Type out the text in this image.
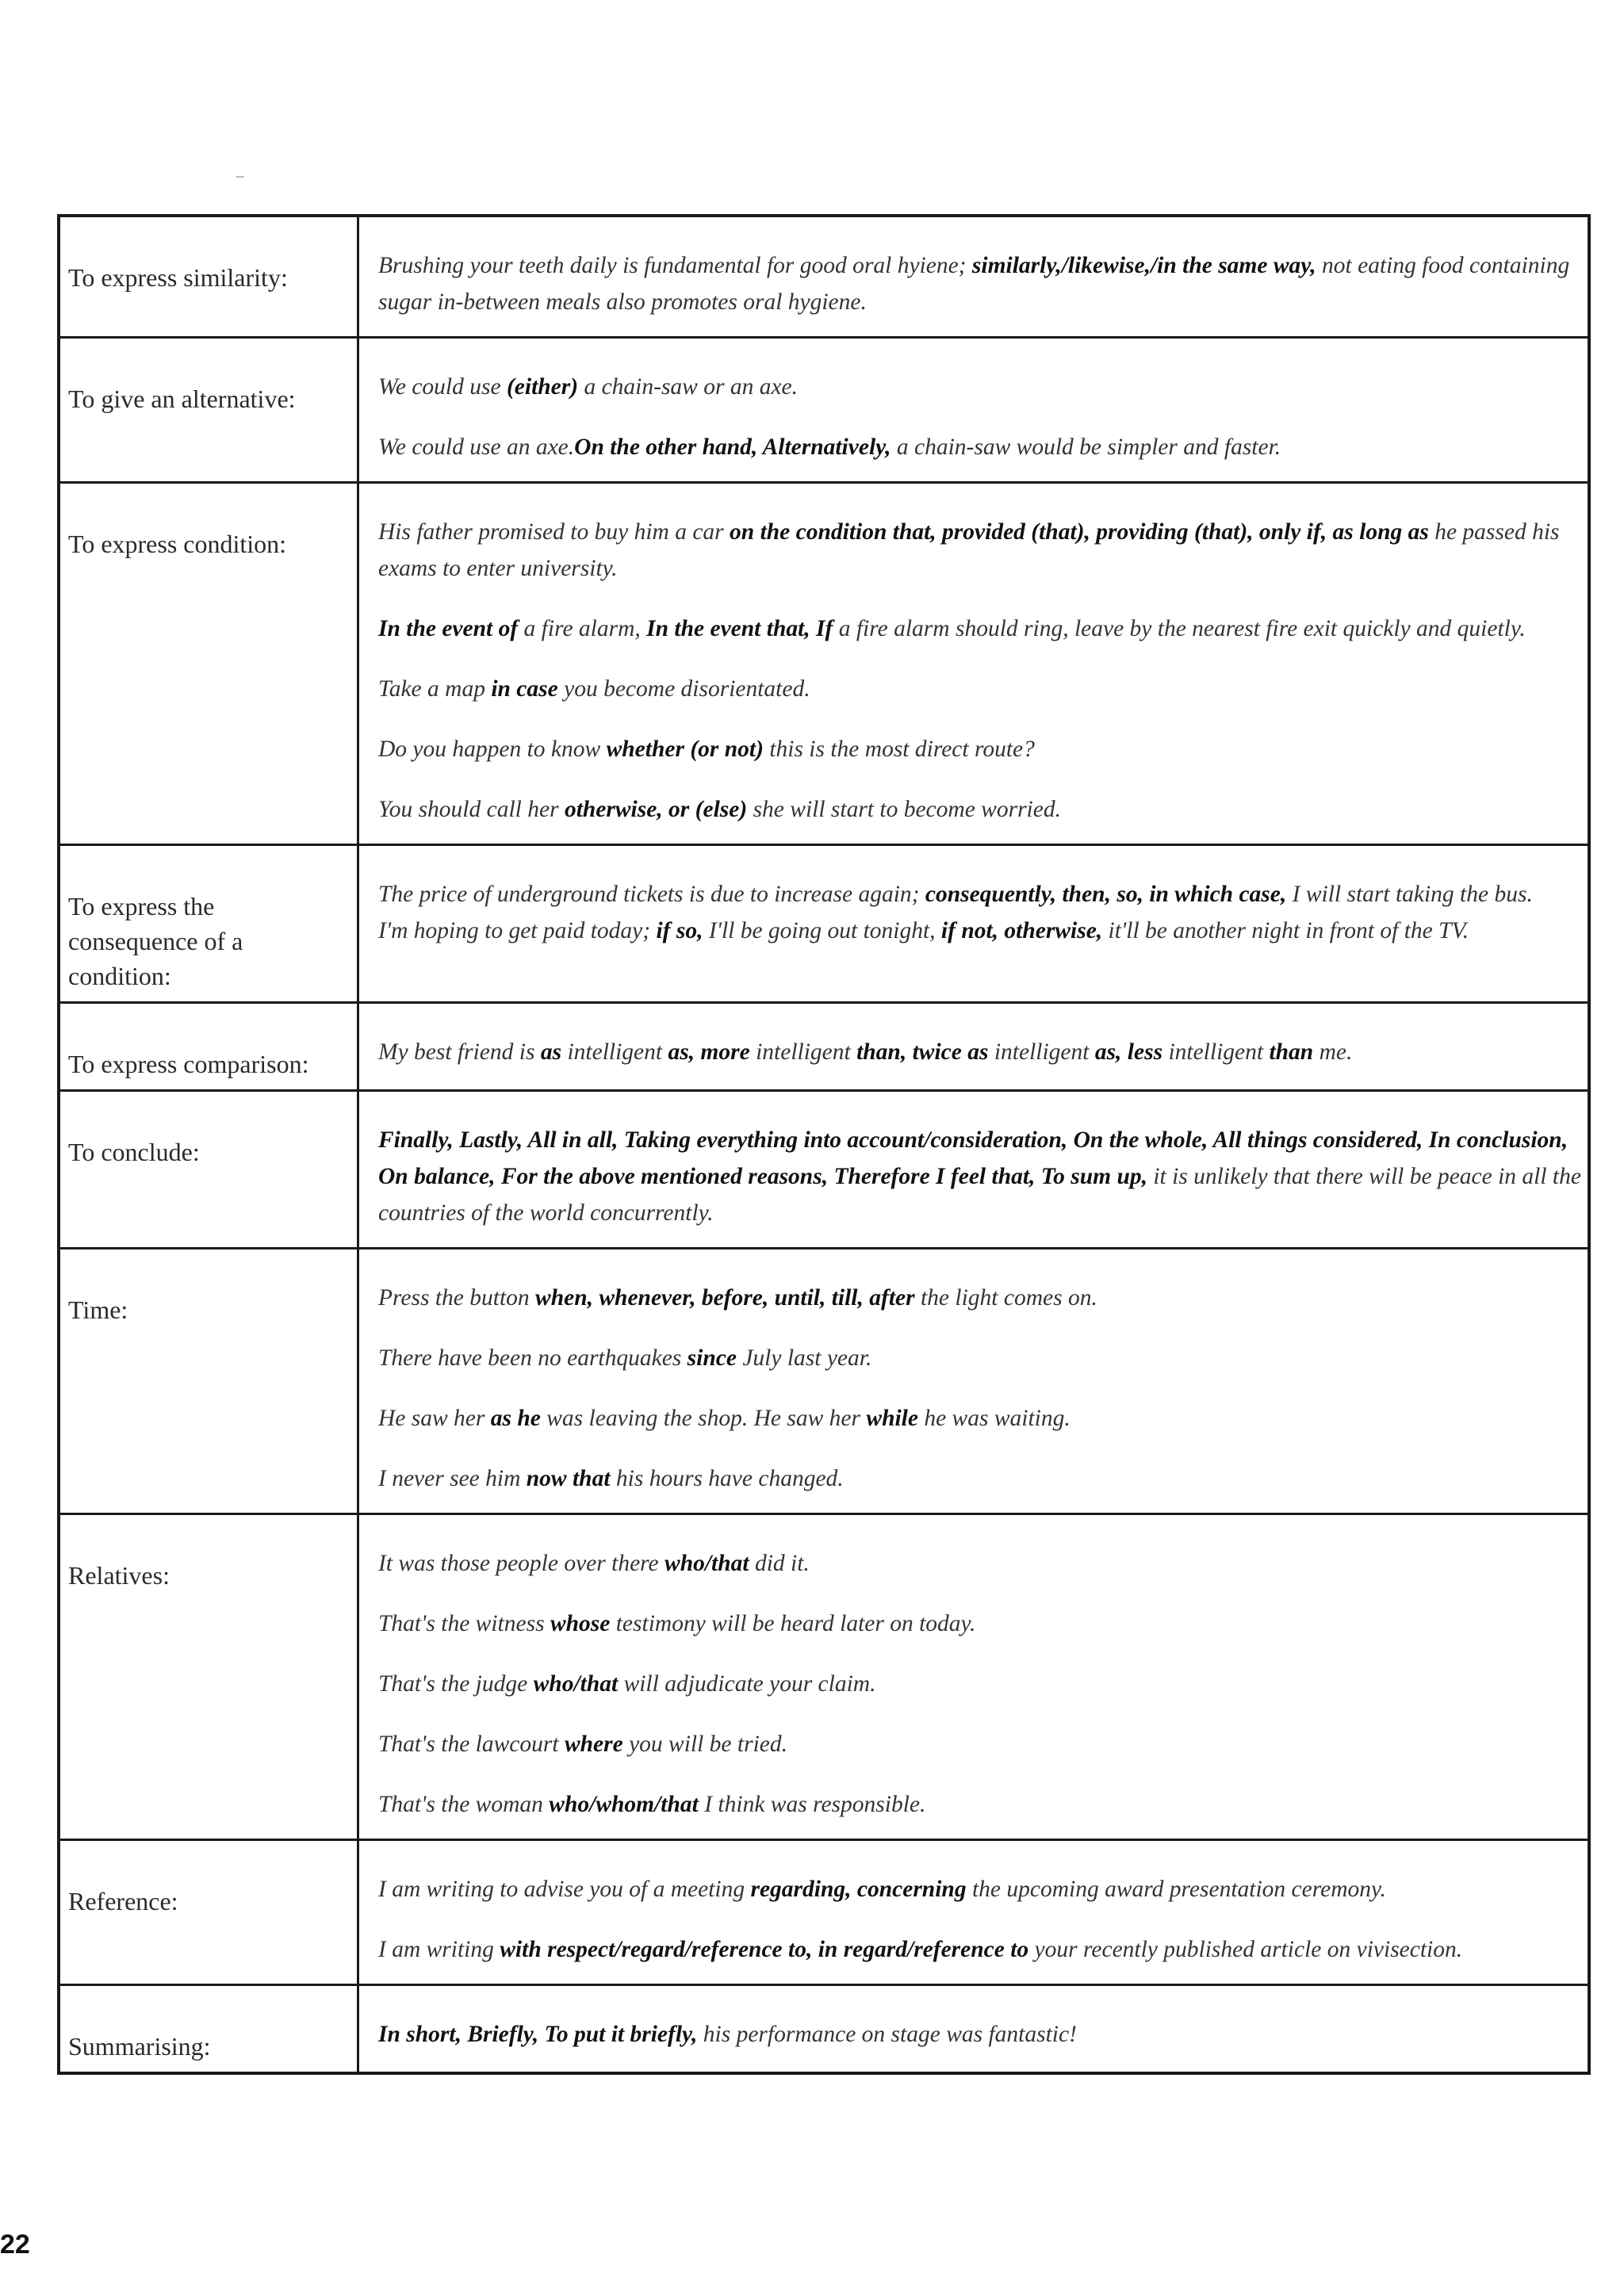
To express similarity:	Brushing your teeth daily is fundamental for good oral hyiene; similarly,/likewise,/in the same way, not eating food containing sugar in-between meals also promotes oral hygiene.

To give an alternative:	We could use (either) a chain-saw or an axe.

We could use an axe.On the other hand, Alternatively, a chain-saw would be simpler and faster.

To express condition:	His father promised to buy him a car on the condition that, provided (that), providing (that), only if, as long as he passed his exams to enter university.

In the event of a fire alarm, In the event that, If a fire alarm should ring, leave by the nearest fire exit quickly and quietly.

Take a map in case you become disorientated.

Do you happen to know whether (or not) this is the most direct route?

You should call her otherwise, or (else) she will start to become worried.

To express the consequence of a condition:	The price of underground tickets is due to increase again; consequently, then, so, in which case, I will start taking the bus.

I'm hoping to get paid today; if so, I'll be going out tonight, if not, otherwise, it'll be another night in front of the TV.

To express comparison:	My best friend is as intelligent as, more intelligent than, twice as intelligent as, less intelligent than me.

To conclude:	Finally, Lastly, All in all, Taking everything into account/consideration, On the whole, All things considered, In conclusion, On balance, For the above mentioned reasons, Therefore I feel that, To sum up, it is unlikely that there will be peace in all the countries of the world concurrently.

Time:	Press the button when, whenever, before, until, till, after the light comes on.

There have been no earthquakes since July last year.

He saw her as he was leaving the shop. He saw her while he was waiting.

I never see him now that his hours have changed.

Relatives:	It was those people over there who/that did it.

That's the witness whose testimony will be heard later on today.

That's the judge who/that will adjudicate your claim.

That's the lawcourt where you will be tried.

That's the woman who/whom/that I think was responsible.

Reference:	I am writing to advise you of a meeting regarding, concerning the upcoming award presentation ceremony.

I am writing with respect/regard/reference to, in regard/reference to your recently published article on vivisection.

Summarising:	In short, Briefly, To put it briefly, his performance on stage was fantastic!

22
